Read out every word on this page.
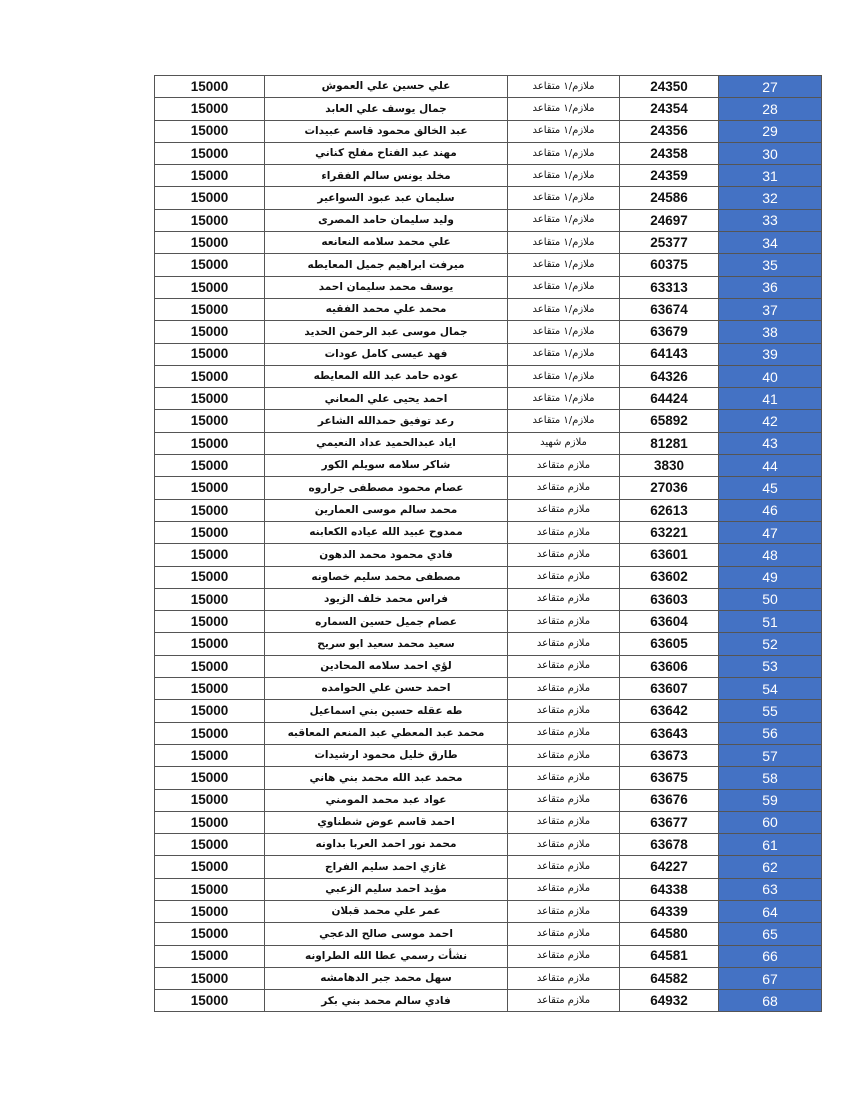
15000	علي حسين علي العموش	ملازم/١ متقاعد	24350	27
15000	جمال يوسف علي العابد	ملازم/١ متقاعد	24354	28
15000	عبد الخالق محمود قاسم عبيدات	ملازم/١ متقاعد	24356	29
15000	مهند عبد الفتاح مفلح كناني	ملازم/١ متقاعد	24358	30
15000	مخلد يونس سالم الفقراء	ملازم/١ متقاعد	24359	31
15000	سليمان عبد عبود السواعير	ملازم/١ متقاعد	24586	32
15000	وليد سليمان حامد المصرى	ملازم/١ متقاعد	24697	33
15000	علي محمد سلامه النعانعه	ملازم/١ متقاعد	25377	34
15000	ميرفت ابراهيم جميل المعايطه	ملازم/١ متقاعد	60375	35
15000	يوسف محمد سليمان احمد	ملازم/١ متقاعد	63313	36
15000	محمد علي محمد الفقيه	ملازم/١ متقاعد	63674	37
15000	جمال موسى عبد الرحمن الحديد	ملازم/١ متقاعد	63679	38
15000	فهد عيسى كامل عودات	ملازم/١ متقاعد	64143	39
15000	عوده حامد عبد الله المعايطه	ملازم/١ متقاعد	64326	40
15000	احمد يحيى علي المعاني	ملازم/١ متقاعد	64424	41
15000	رعد توفيق حمدالله الشاعر	ملازم/١ متقاعد	65892	42
15000	اياد عبدالحميد عداد النعيمي	ملازم شهيد	81281	43
15000	شاكر سلامه سويلم الكور	ملازم متقاعد	3830	44
15000	عصام محمود مصطفى جراروه	ملازم متقاعد	27036	45
15000	محمد سالم موسى العمارين	ملازم متقاعد	62613	46
15000	ممدوح عبيد الله عياده الكعابنه	ملازم متقاعد	63221	47
15000	فادي محمود محمد الدهون	ملازم متقاعد	63601	48
15000	مصطفى محمد سليم خصاونه	ملازم متقاعد	63602	49
15000	فراس محمد خلف الزيود	ملازم متقاعد	63603	50
15000	عصام جميل حسين السماره	ملازم متقاعد	63604	51
15000	سعيد محمد سعيد ابو سريح	ملازم متقاعد	63605	52
15000	لؤي احمد سلامه المحادين	ملازم متقاعد	63606	53
15000	احمد حسن علي الحوامده	ملازم متقاعد	63607	54
15000	طه عقله حسين بني اسماعيل	ملازم متقاعد	63642	55
15000	محمد عبد المعطي عبد المنعم المعاقبه	ملازم متقاعد	63643	56
15000	طارق خليل محمود ارشيدات	ملازم متقاعد	63673	57
15000	محمد عبد الله محمد بني هاني	ملازم متقاعد	63675	58
15000	عواد عبد محمد المومني	ملازم متقاعد	63676	59
15000	احمد قاسم عوض شطناوي	ملازم متقاعد	63677	60
15000	محمد نور احمد العربا بداونه	ملازم متقاعد	63678	61
15000	غازي احمد سليم الفراج	ملازم متقاعد	64227	62
15000	مؤيد احمد سليم الزعبي	ملازم متقاعد	64338	63
15000	عمر علي محمد قبلان	ملازم متقاعد	64339	64
15000	احمد موسى صالح الدعجي	ملازم متقاعد	64580	65
15000	نشأت رسمي عطا الله الطراونه	ملازم متقاعد	64581	66
15000	سهل محمد جبر الدهامشه	ملازم متقاعد	64582	67
15000	فادي سالم محمد بني بكر	ملازم متقاعد	64932	68
